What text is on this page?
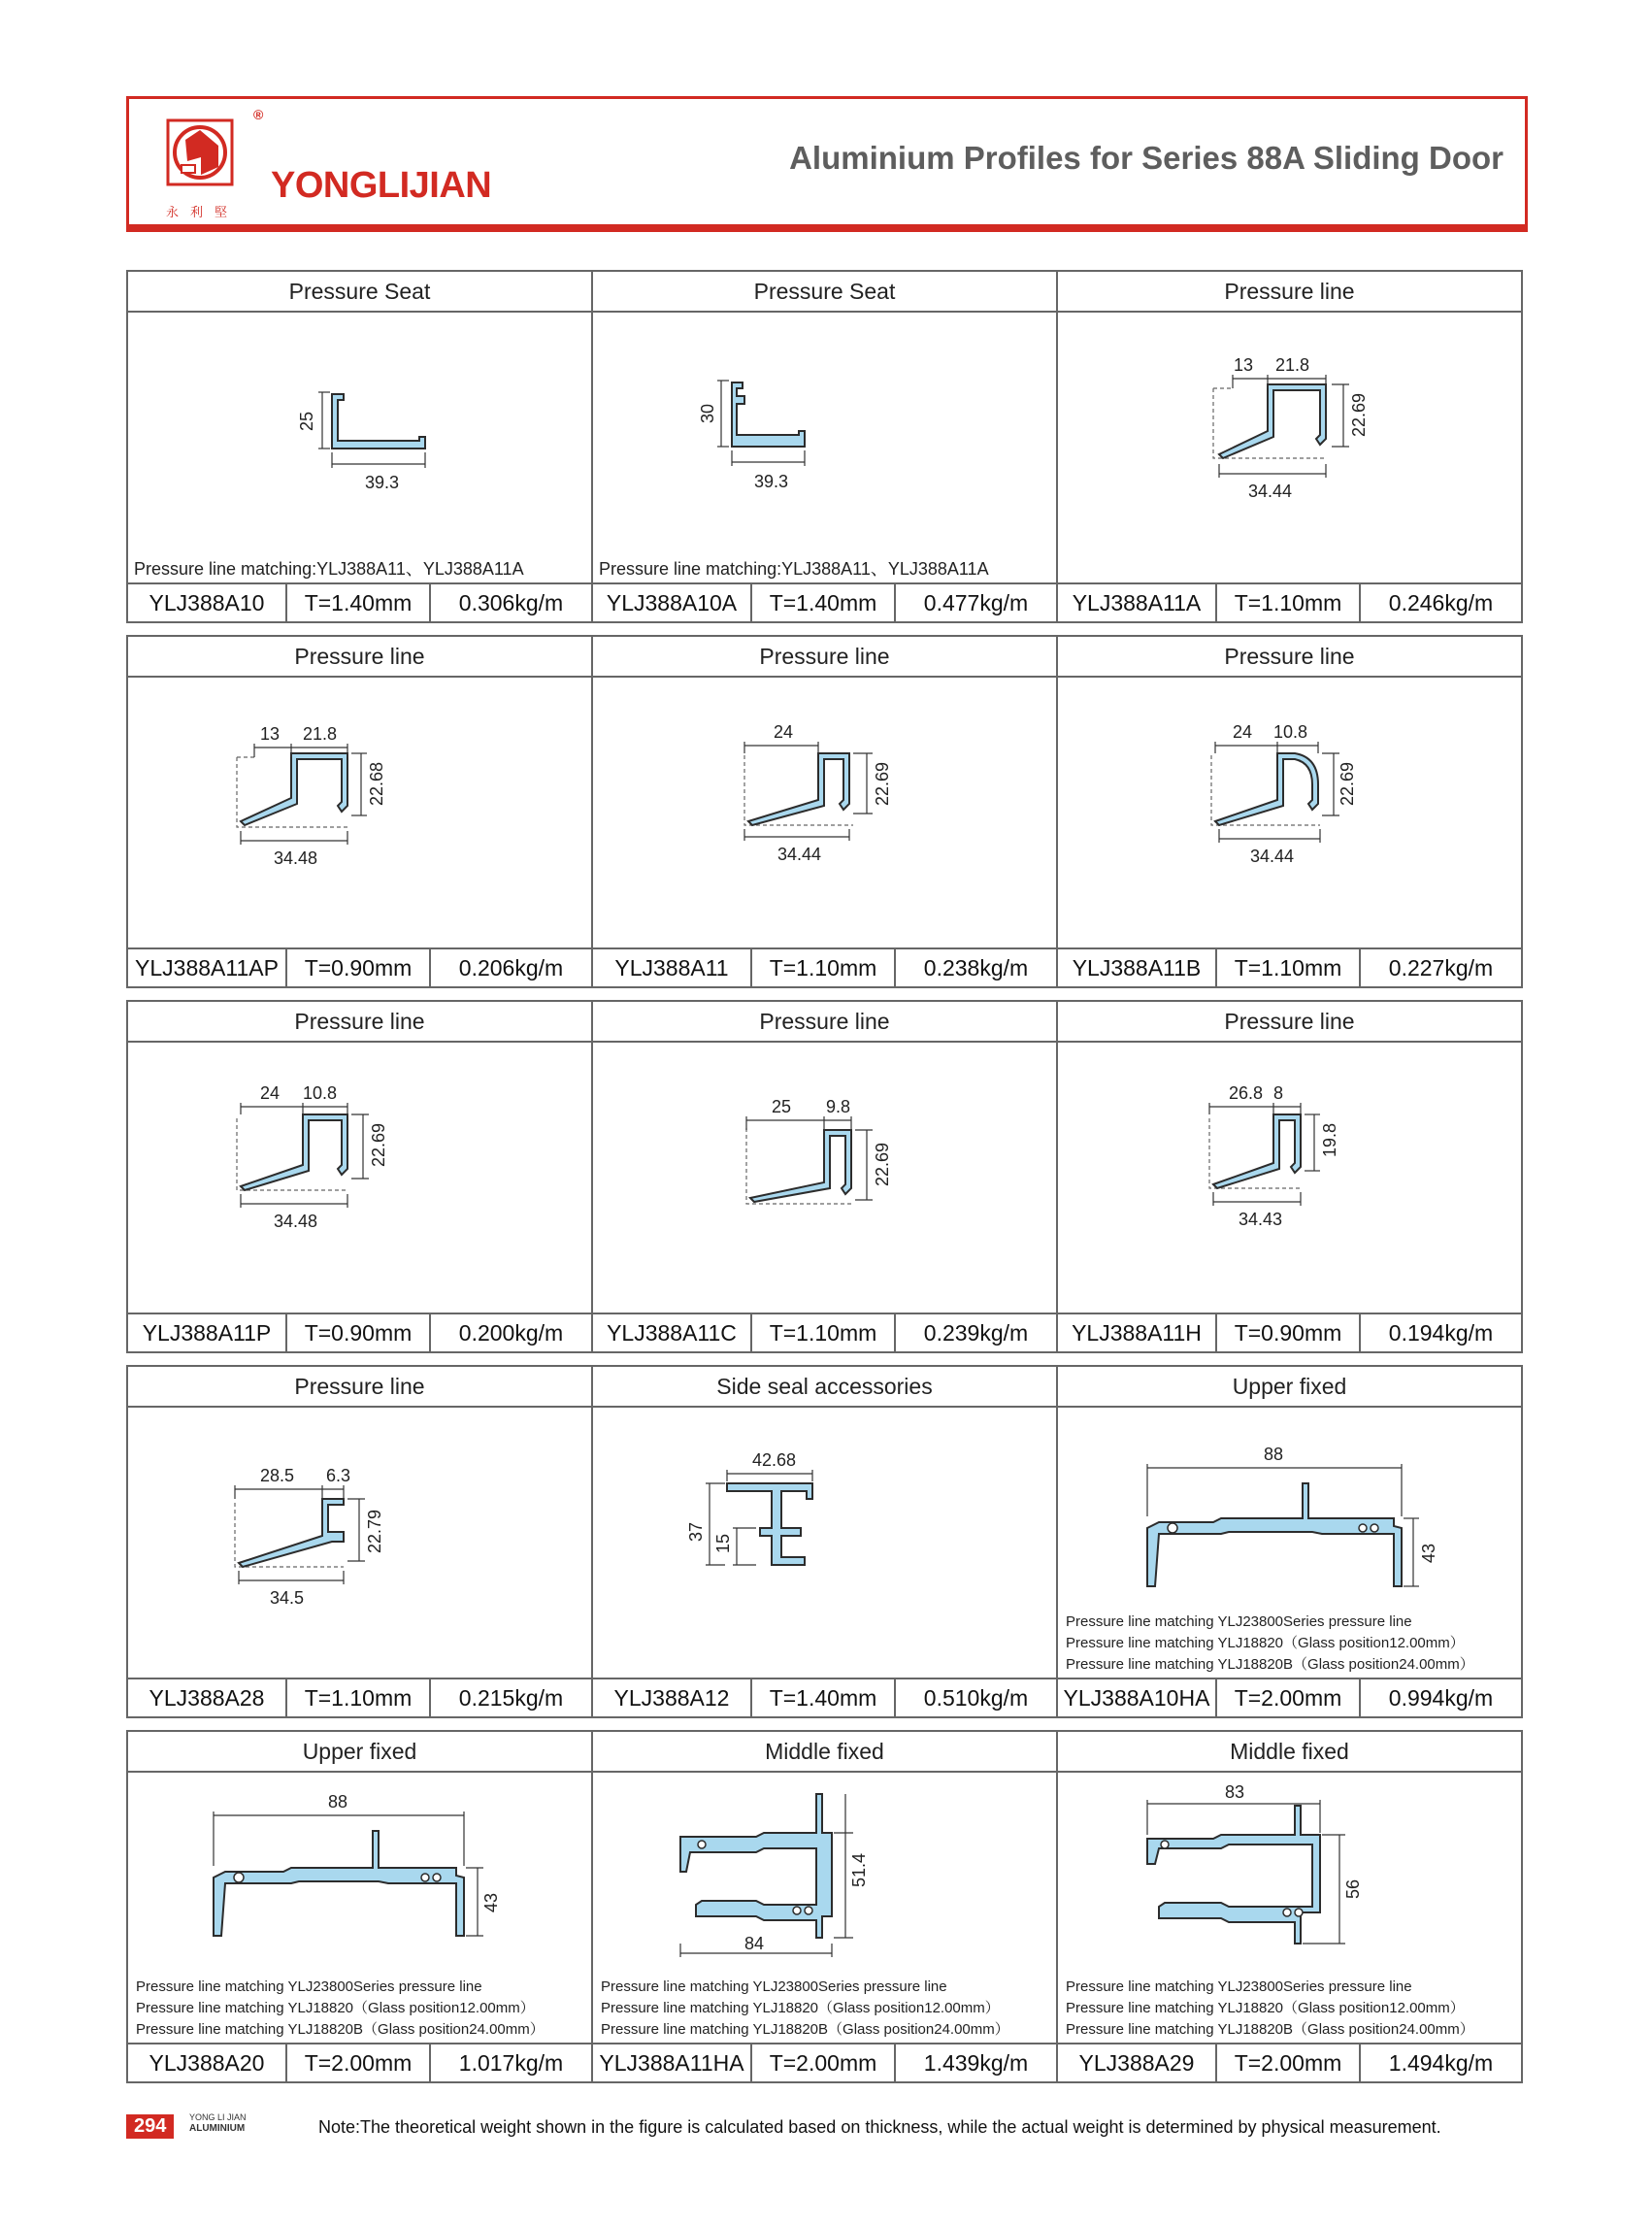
®
YONGLIJIAN
永利堅
Aluminium Profiles for Series 88A Sliding Door
Pressure Seat
25
39.3
Pressure line matching:YLJ388A11、YLJ388A11A
YLJ388A10	T=1.40mm	0.306kg/m
Pressure Seat
30
39.3
Pressure line matching:YLJ388A11、YLJ388A11A
YLJ388A10A	T=1.40mm	0.477kg/m
Pressure line
13 21.8
22.69
34.44
YLJ388A11A	T=1.10mm	0.246kg/m
Pressure line
13 21.8
22.68
34.48
YLJ388A11AP	T=0.90mm	0.206kg/m
Pressure line
24
22.69
34.44
YLJ388A11	T=1.10mm	0.238kg/m
Pressure line
24 10.8
22.69
34.44
YLJ388A11B	T=1.10mm	0.227kg/m
Pressure line
24 10.8
22.69
34.48
YLJ388A11P	T=0.90mm	0.200kg/m
Pressure line
25 9.8
22.69
YLJ388A11C	T=1.10mm	0.239kg/m
Pressure line
26.8 8
19.8
34.43
YLJ388A11H	T=0.90mm	0.194kg/m
Pressure line
28.5 6.3
22.79
34.5
YLJ388A28	T=1.10mm	0.215kg/m
Side seal accessories
42.68
37
15
YLJ388A12	T=1.40mm	0.510kg/m
Upper fixed
88
43
Pressure line matching YLJ23800Series pressure line
Pressure line matching YLJ18820（Glass position12.00mm）
Pressure line matching YLJ18820B（Glass position24.00mm）
YLJ388A10HA	T=2.00mm	0.994kg/m
Upper fixed
88
43
Pressure line matching YLJ23800Series pressure line
Pressure line matching YLJ18820（Glass position12.00mm）
Pressure line matching YLJ18820B（Glass position24.00mm）
YLJ388A20	T=2.00mm	1.017kg/m
Middle fixed
51.4
84
Pressure line matching YLJ23800Series pressure line
Pressure line matching YLJ18820（Glass position12.00mm）
Pressure line matching YLJ18820B（Glass position24.00mm）
YLJ388A11HA	T=2.00mm	1.439kg/m
Middle fixed
83
56
Pressure line matching YLJ23800Series pressure line
Pressure line matching YLJ18820（Glass position12.00mm）
Pressure line matching YLJ18820B（Glass position24.00mm）
YLJ388A29	T=2.00mm	1.494kg/m
294	YONG LI JIAN
ALUMINIUM	Note:The theoretical weight shown in the figure is calculated based on thickness, while the actual weight is determined by physical measurement.
